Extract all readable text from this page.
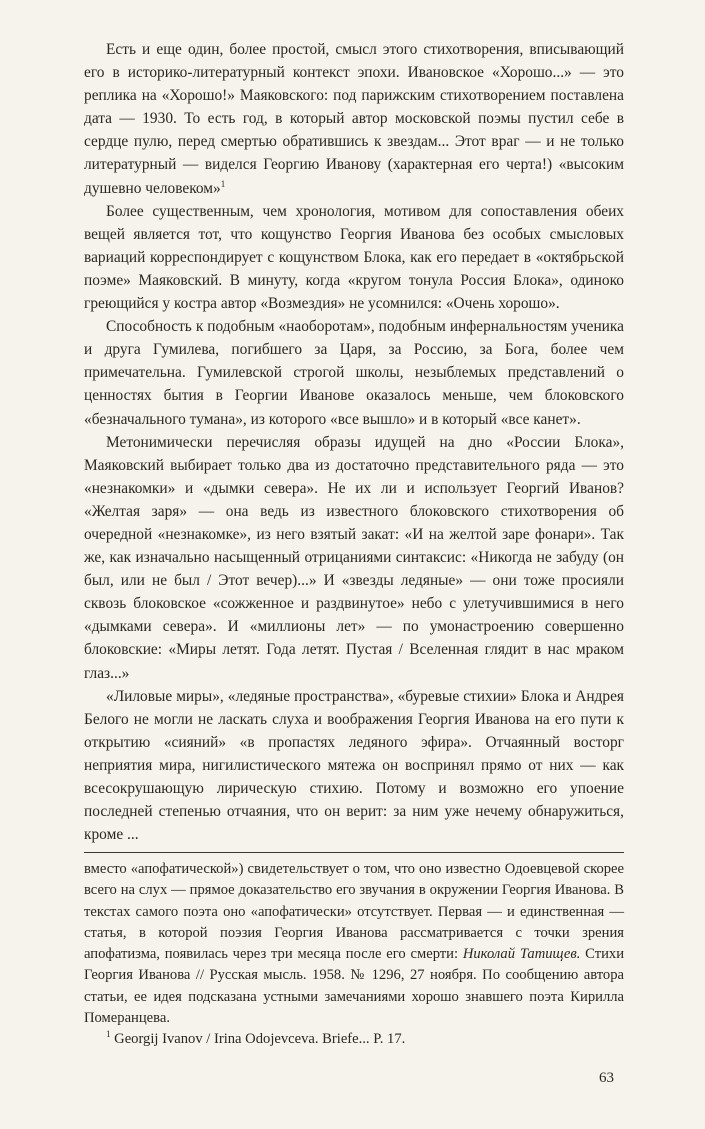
Есть и еще один, более простой, смысл этого стихотворения, вписывающий его в историко-литературный контекст эпохи. Ивановское «Хорошо...» — это реплика на «Хорошо!» Маяковского: под парижским стихотворением поставлена дата — 1930. То есть год, в который автор московской поэмы пустил себе в сердце пулю, перед смертью обратившись к звездам... Этот враг — и не только литературный — виделся Георгию Иванову (характерная его черта!) «высоким душевно человеком»$^1$

Более существенным, чем хронология, мотивом для сопоставления обеих вещей является тот, что кощунство Георгия Иванова без особых смысловых вариаций корреспондирует с кощунством Блока, как его передает в «октябрьской поэме» Маяковский. В минуту, когда «кругом тонула Россия Блока», одиноко греющийся у костра автор «Возмездия» не усомнился: «Очень хорошо».

Способность к подобным «наоборотам», подобным инфернальностям ученика и друга Гумилева, погибшего за Царя, за Россию, за Бога, более чем примечательна. Гумилевской строгой школы, незыблемых представлений о ценностях бытия в Георгии Иванове оказалось меньше, чем блоковского «безначального тумана», из которого «все вышло» и в который «все канет».

Метонимически перечисляя образы идущей на дно «России Блока», Маяковский выбирает только два из достаточно представительного ряда — это «незнакомки» и «дымки севера». Не их ли и использует Георгий Иванов? «Желтая заря» — она ведь из известного блоковского стихотворения об очередной «незнакомке», из него взятый закат: «И на желтой заре фонари». Так же, как изначально насыщенный отрицаниями синтаксис: «Никогда не забуду (он был, или не был / Этот вечер)...» И «звезды ледяные» — они тоже просияли сквозь блоковское «сожженное и раздвинутое» небо с улетучившимися в него «дымками севера». И «миллионы лет» — по умонастроению совершенно блоковские: «Миры летят. Года летят. Пустая / Вселенная глядит в нас мраком глаз...»

«Лиловые миры», «ледяные пространства», «буревые стихии» Блока и Андрея Белого не могли не ласкать слуха и воображения Георгия Иванова на его пути к открытию «сияний» «в пропастях ледяного эфира». Отчаянный восторг неприятия мира, нигилистического мятежа он воспринял прямо от них — как всесокрушающую лирическую стихию. Потому и возможно его упоение последней степенью отчаяния, что он верит: за ним уже нечему обнаружиться, кроме ...

вместо «апофатической») свидетельствует о том, что оно известно Одоевцевой скорее всего на слух — прямое доказательство его звучания в окружении Георгия Иванова. В текстах самого поэта оно «апофатически» отсутствует. Первая — и единственная — статья, в которой поэзия Георгия Иванова рассматривается с точки зрения апофатизма, появилась через три месяца после его смерти: Николай Татищев. Стихи Георгия Иванова // Русская мысль. 1958. № 1296, 27 ноября. По сообщению автора статьи, ее идея подсказана устными замечаниями хорошо знавшего поэта Кирилла Померанцева.

$^1$ Georgij Ivanov / Irina Odojevceva. Briefe... P. 17.

63
